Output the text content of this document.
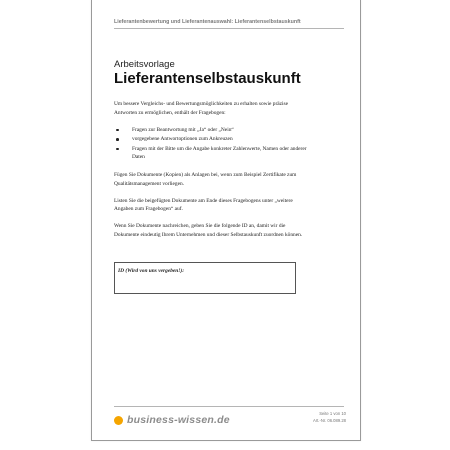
Lieferantenbewertung und Lieferantenauswahl: Lieferantenselbstauskunft
Arbeitsvorlage
Lieferantenselbstauskunft

Um bessere Vergleichs- und Bewertungsmöglichkeiten zu erhalten sowie präzise Antworten zu ermöglichen, enthält der Fragebogen:

Fragen zur Beantwortung mit „Ja“ oder „Nein“
vorgegebene Antwortoptionen zum Ankreuzen
Fragen mit der Bitte um die Angabe konkreter Zahlenwerte, Namen oder anderer Daten

Fügen Sie Dokumente (Kopien) als Anlagen bei, wenn zum Beispiel Zertifikate zum Qualitätsmanagement vorliegen.

Listen Sie die beigefügten Dokumente am Ende dieses Fragebogens unter „weitere Angaben zum Fragebogen“ auf.

Wenn Sie Dokumente nachreichen, geben Sie die folgende ID an, damit wir die Dokumente eindeutig Ihrem Unternehmen und dieser Selbstauskunft zuordnen können.

ID (Wird von uns vergeben!):
business-wissen.de
Seite 1 von 10
Art.-Nr. 06.089.28
